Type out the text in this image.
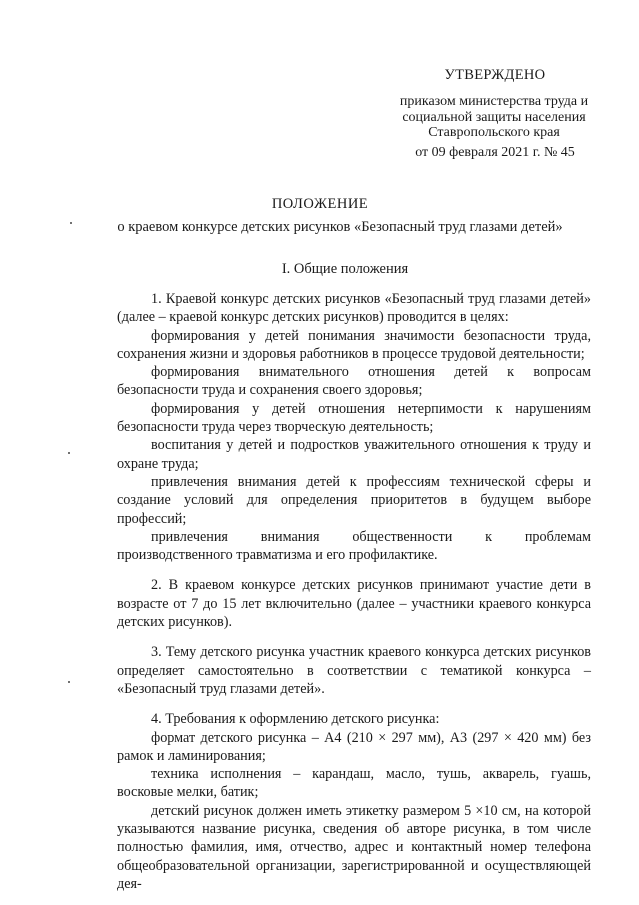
УТВЕРЖДЕНО
приказом министерства труда и
социальной защиты населения
Ставропольского края
от 09 февраля 2021 г. № 45
ПОЛОЖЕНИЕ
о краевом конкурсе детских рисунков «Безопасный труд глазами детей»
I. Общие положения

1. Краевой конкурс детских рисунков «Безопасный труд глазами детей» (далее – краевой конкурс детских рисунков) проводится в целях:

формирования у детей понимания значимости безопасности труда, сохранения жизни и здоровья работников в процессе трудовой деятельности;

формирования внимательного отношения детей к вопросам безопасности труда и сохранения своего здоровья;

формирования у детей отношения нетерпимости к нарушениям безопасности труда через творческую деятельность;

воспитания у детей и подростков уважительного отношения к труду и охране труда;

привлечения внимания детей к профессиям технической сферы и создание условий для определения приоритетов в будущем выборе профессий;

привлечения внимания общественности к проблемам производственного травматизма и его профилактике.

2. В краевом конкурсе детских рисунков принимают участие дети в возрасте от 7 до 15 лет включительно (далее – участники краевого конкурса детских рисунков).

3. Тему детского рисунка участник краевого конкурса детских рисунков определяет самостоятельно в соответствии с тематикой конкурса – «Безопасный труд глазами детей».

4. Требования к оформлению детского рисунка:

формат детского рисунка – А4 (210 × 297 мм), А3 (297 × 420 мм) без рамок и ламинирования;

техника исполнения – карандаш, масло, тушь, акварель, гуашь, восковые мелки, батик;

детский рисунок должен иметь этикетку размером 5 ×10 см, на которой указываются название рисунка, сведения об авторе рисунка, в том числе полностью фамилия, имя, отчество, адрес и контактный номер телефона общеобразовательной организации, зарегистрированной и осуществляющей дея-
